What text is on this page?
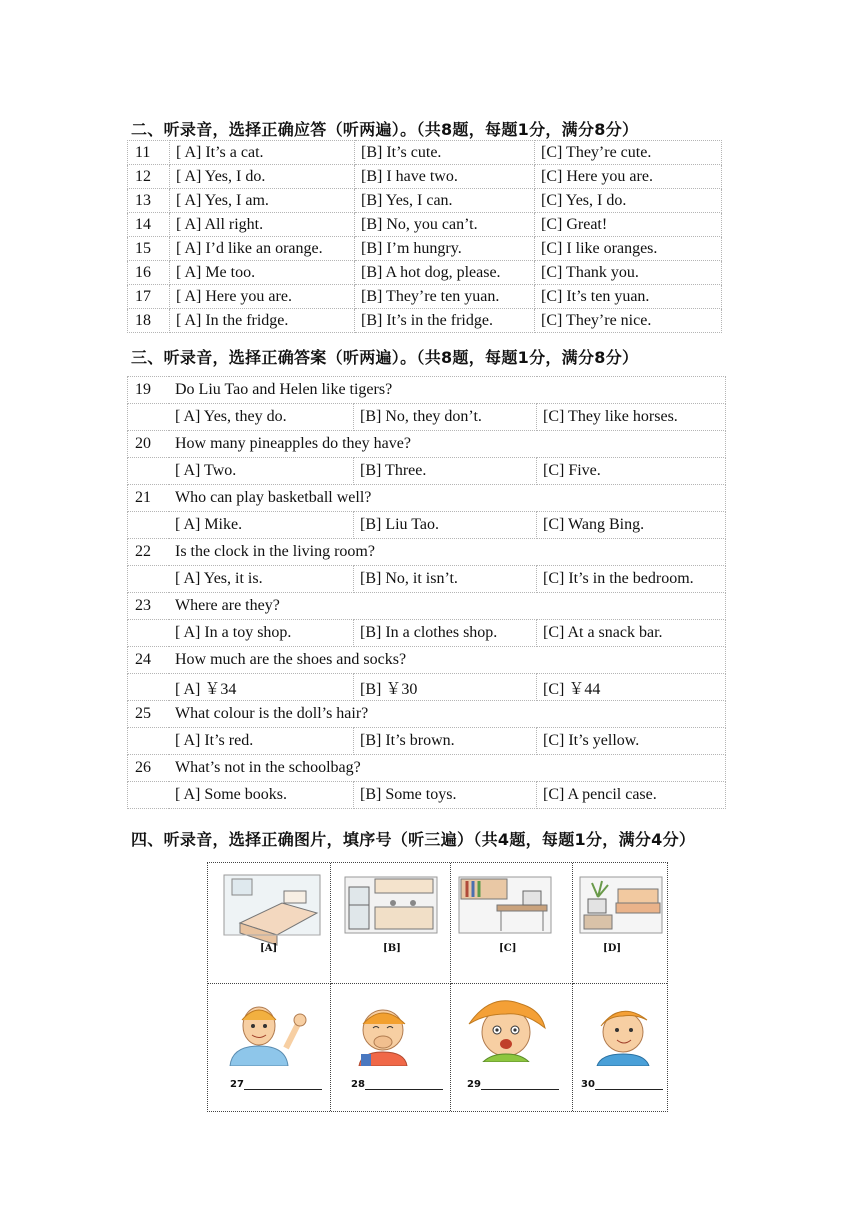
二、听录音，选择正确应答（听两遍）。（共8题，每题1分，满分8分）
11	[ A] It’s a cat.	[B] It’s cute.	[C] They’re cute.
12	[ A] Yes, I do.	[B] I have two.	[C] Here you are.
13	[ A] Yes, I am.	[B] Yes, I can.	[C] Yes, I do.
14	[ A] All right.	[B] No, you can’t.	[C] Great!
15	[ A] I’d like an orange.	[B] I’m hungry.	[C] I like oranges.
16	[ A] Me too.	[B] A hot dog, please.	[C] Thank you.
17	[ A] Here you are.	[B] They’re ten yuan.	[C] It’s ten yuan.
18	[ A] In the fridge.	[B] It’s in the fridge.	[C] They’re nice.
三、听录音，选择正确答案（听两遍）。（共8题，每题1分，满分8分）
19	Do Liu Tao and Helen like tigers?		
	[ A] Yes, they do.	[B] No, they don’t.	[C] They like horses.
20	How many pineapples do they have?		
	[ A] Two.	[B] Three.	[C] Five.
21	Who can play basketball well?		
	[ A] Mike.	[B] Liu Tao.	[C] Wang Bing.
22	Is the clock in the living room?		
	[ A] Yes, it is.	[B] No, it isn’t.	[C] It’s in the bedroom.
23	Where are they?		
	[ A] In a toy shop.	[B] In a clothes shop.	[C] At a snack bar.
24	How much are the shoes and socks?		
	[ A] ￥34	[B] ￥30	[C] ￥44
25	What colour is the doll’s hair?		
	[ A] It’s red.	[B] It’s brown.	[C] It’s yellow.
26	What’s not in the schoolbag?		
	[ A] Some books.	[B] Some toys.	[C] A pencil case.
四、听录音，选择正确图片，填序号（听三遍）（共4题，每题1分，满分4分）
[A]	[B]	[C]	[D]
27	28	29	30
